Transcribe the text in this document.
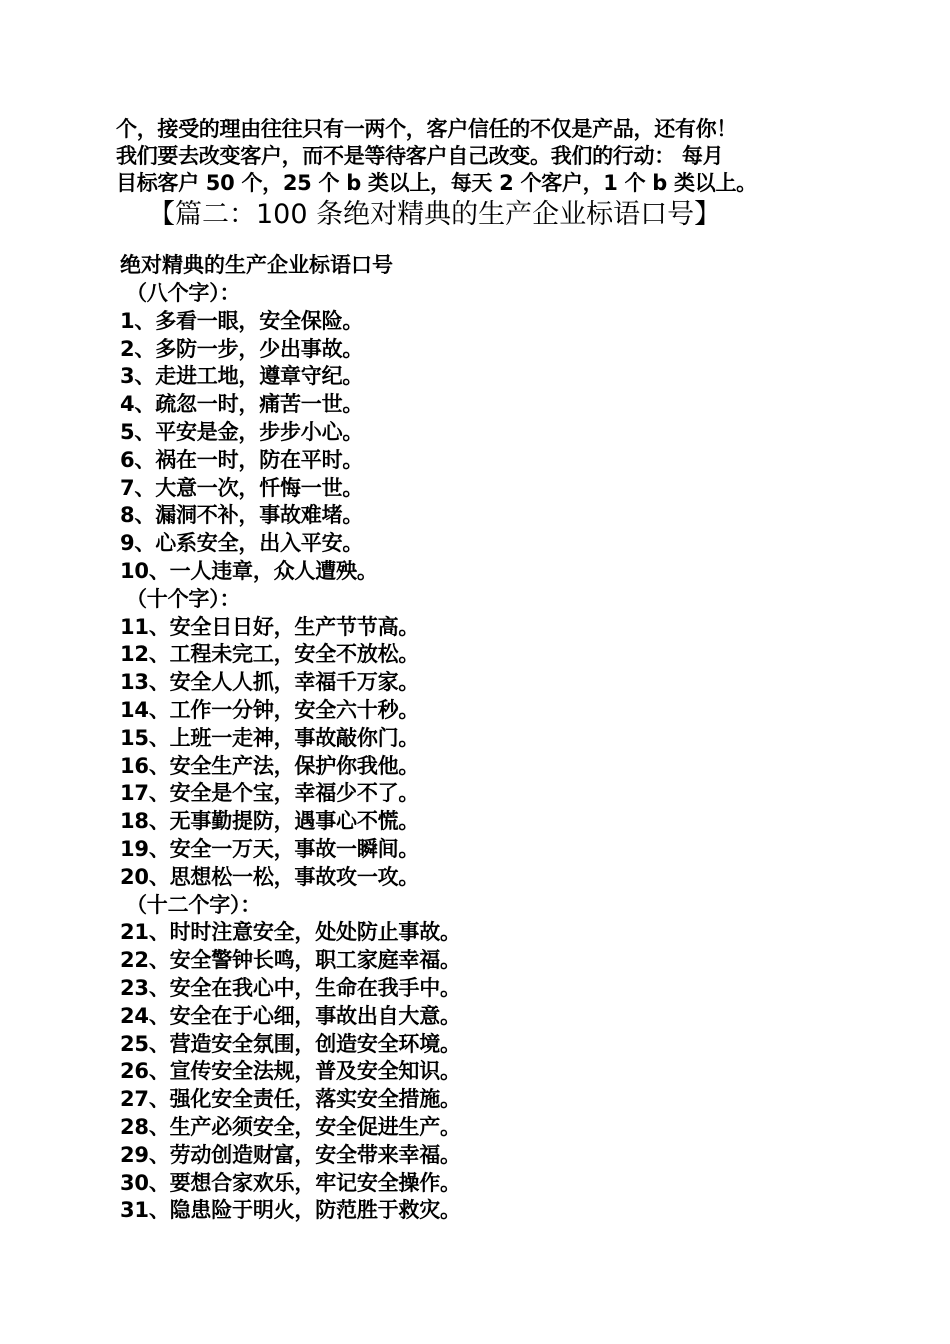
个，接受的理由往往只有一两个，客户信任的不仅是产品，还有你！
我们要去改变客户，而不是等待客户自己改变。我们的行动： 每月
目标客户 50 个，25 个 b 类以上，每天 2 个客户，1 个 b 类以上。
【篇二：100 条绝对精典的生产企业标语口号】
绝对精典的生产企业标语口号
（八个字）：
1、多看一眼，安全保险。
2、多防一步，少出事故。
3、走进工地，遵章守纪。
4、疏忽一时，痛苦一世。
5、平安是金，步步小心。
6、祸在一时，防在平时。
7、大意一次，忏悔一世。
8、漏洞不补，事故难堵。
9、心系安全，出入平安。
10、一人违章，众人遭殃。
（十个字）：
11、安全日日好，生产节节高。
12、工程未完工，安全不放松。
13、安全人人抓，幸福千万家。
14、工作一分钟，安全六十秒。
15、上班一走神，事故敲你门。
16、安全生产法，保护你我他。
17、安全是个宝，幸福少不了。
18、无事勤提防，遇事心不慌。
19、安全一万天，事故一瞬间。
20、思想松一松，事故攻一攻。
（十二个字）：
21、时时注意安全，处处防止事故。
22、安全警钟长鸣，职工家庭幸福。
23、安全在我心中，生命在我手中。
24、安全在于心细，事故出自大意。
25、营造安全氛围，创造安全环境。
26、宣传安全法规，普及安全知识。
27、强化安全责任，落实安全措施。
28、生产必须安全，安全促进生产。
29、劳动创造财富，安全带来幸福。
30、要想合家欢乐，牢记安全操作。
31、隐患险于明火，防范胜于救灾。
